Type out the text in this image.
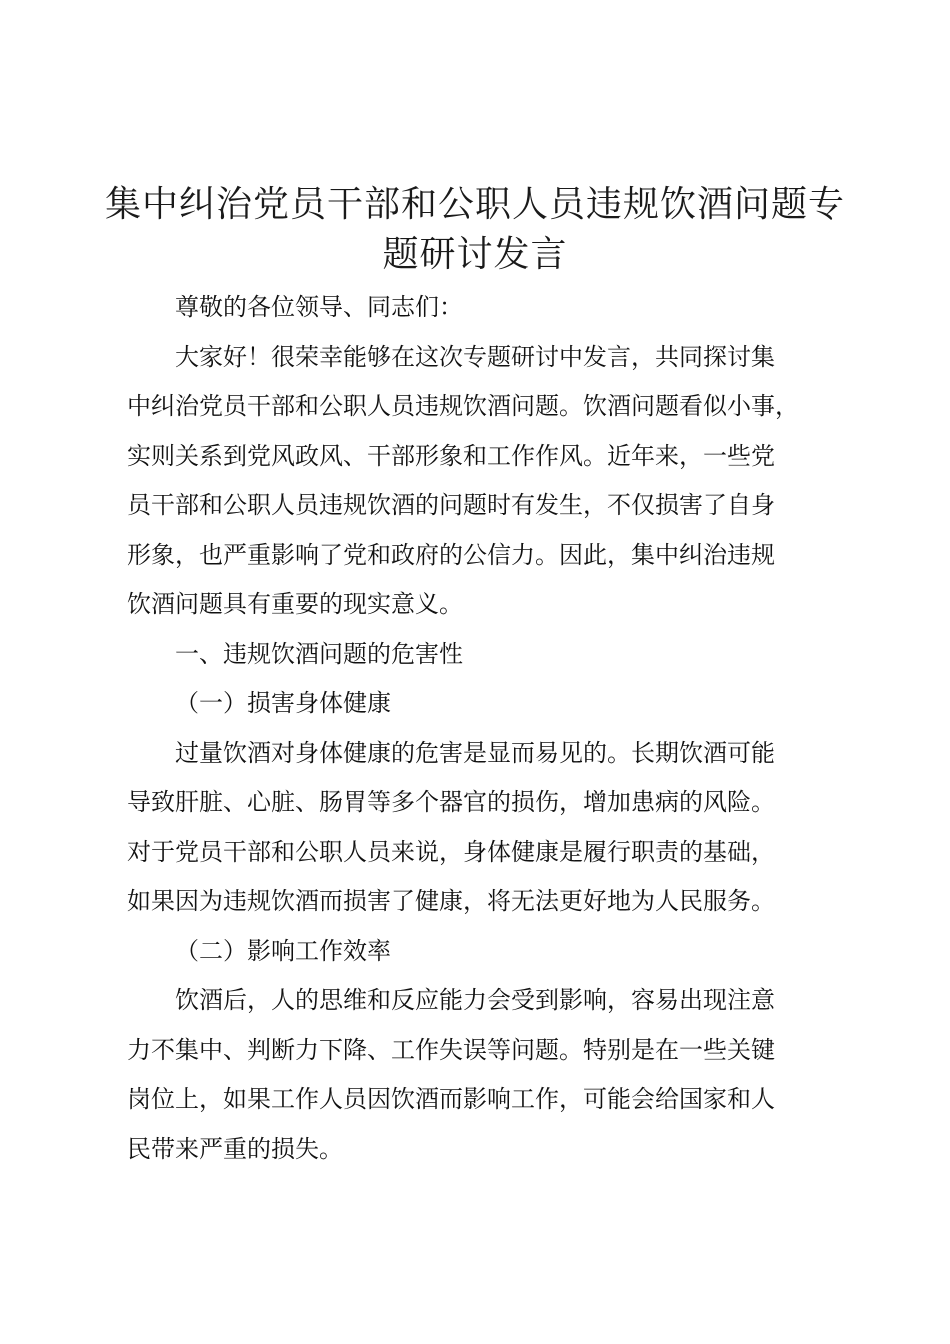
集中纠治党员干部和公职人员违规饮酒问题专
题研讨发言

尊敬的各位领导、同志们：

大家好！很荣幸能够在这次专题研讨中发言，共同探讨集
中纠治党员干部和公职人员违规饮酒问题。饮酒问题看似小事，
实则关系到党风政风、干部形象和工作作风。近年来，一些党
员干部和公职人员违规饮酒的问题时有发生，不仅损害了自身
形象，也严重影响了党和政府的公信力。因此，集中纠治违规
饮酒问题具有重要的现实意义。

一、违规饮酒问题的危害性

（一）损害身体健康

过量饮酒对身体健康的危害是显而易见的。长期饮酒可能
导致肝脏、心脏、肠胃等多个器官的损伤，增加患病的风险。
对于党员干部和公职人员来说，身体健康是履行职责的基础，
如果因为违规饮酒而损害了健康，将无法更好地为人民服务。

（二）影响工作效率

饮酒后，人的思维和反应能力会受到影响，容易出现注意
力不集中、判断力下降、工作失误等问题。特别是在一些关键
岗位上，如果工作人员因饮酒而影响工作，可能会给国家和人
民带来严重的损失。
